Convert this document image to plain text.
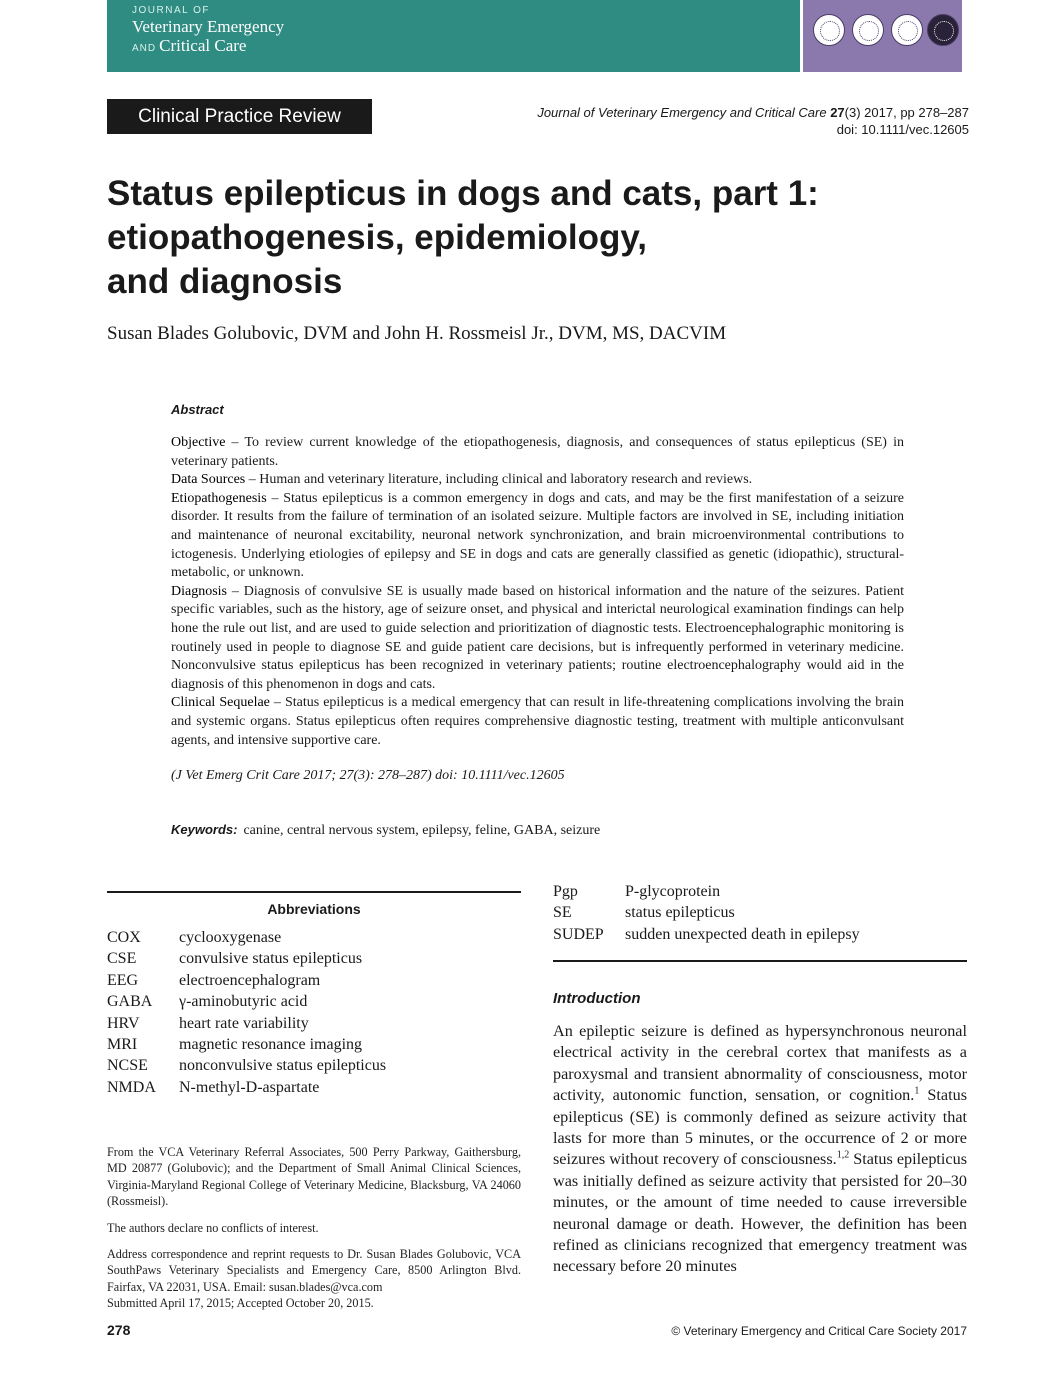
JOURNAL OF
Veterinary Emergency
AND Critical Care
Clinical Practice Review	Journal of Veterinary Emergency and Critical Care 27(3) 2017, pp 278–287
doi: 10.1111/vec.12605
Status epilepticus in dogs and cats, part 1:
etiopathogenesis, epidemiology,
and diagnosis
Susan Blades Golubovic, DVM and John H. Rossmeisl Jr., DVM, MS, DACVIM
Abstract

Objective – To review current knowledge of the etiopathogenesis, diagnosis, and consequences of status epilepticus (SE) in veterinary patients.

Data Sources – Human and veterinary literature, including clinical and laboratory research and reviews.

Etiopathogenesis – Status epilepticus is a common emergency in dogs and cats, and may be the first manifestation of a seizure disorder. It results from the failure of termination of an isolated seizure. Multiple factors are involved in SE, including initiation and maintenance of neuronal excitability, neuronal network synchronization, and brain microenvironmental contributions to ictogenesis. Underlying etiologies of epilepsy and SE in dogs and cats are generally classified as genetic (idiopathic), structural-metabolic, or unknown.

Diagnosis – Diagnosis of convulsive SE is usually made based on historical information and the nature of the seizures. Patient specific variables, such as the history, age of seizure onset, and physical and interictal neurological examination findings can help hone the rule out list, and are used to guide selection and prioritization of diagnostic tests. Electroencephalographic monitoring is routinely used in people to diagnose SE and guide patient care decisions, but is infrequently performed in veterinary medicine. Nonconvulsive status epilepticus has been recognized in veterinary patients; routine electroencephalography would aid in the diagnosis of this phenomenon in dogs and cats.

Clinical Sequelae – Status epilepticus is a medical emergency that can result in life-threatening complications involving the brain and systemic organs. Status epilepticus often requires comprehensive diagnostic testing, treatment with multiple anticonvulsant agents, and intensive supportive care.

(J Vet Emerg Crit Care 2017; 27(3): 278–287) doi: 10.1111/vec.12605
Keywords: canine, central nervous system, epilepsy, feline, GABA, seizure
Abbreviations
COX	cyclooxygenase
CSE	convulsive status epilepticus
EEG	electroencephalogram
GABA	γ-aminobutyric acid
HRV	heart rate variability
MRI	magnetic resonance imaging
NCSE	nonconvulsive status epilepticus
NMDA	N-methyl-D-aspartate
Pgp	P-glycoprotein
SE	status epilepticus
SUDEP	sudden unexpected death in epilepsy

From the VCA Veterinary Referral Associates, 500 Perry Parkway, Gaithersburg, MD 20877 (Golubovic); and the Department of Small Animal Clinical Sciences, Virginia-Maryland Regional College of Veterinary Medicine, Blacksburg, VA 24060 (Rossmeisl).

The authors declare no conflicts of interest.

Address correspondence and reprint requests to Dr. Susan Blades Golubovic, VCA SouthPaws Veterinary Specialists and Emergency Care, 8500 Arlington Blvd. Fairfax, VA 22031, USA. Email: susan.blades@vca.com

Submitted April 17, 2015; Accepted October 20, 2015.

Introduction

An epileptic seizure is defined as hypersynchronous neuronal electrical activity in the cerebral cortex that manifests as a paroxysmal and transient abnormality of consciousness, motor activity, autonomic function, sensation, or cognition.$^1$ Status epilepticus (SE) is commonly defined as seizure activity that lasts for more than 5 minutes, or the occurrence of 2 or more seizures without recovery of consciousness.$^{1,2}$ Status epilepticus was initially defined as seizure activity that persisted for 20–30 minutes, or the amount of time needed to cause irreversible neuronal damage or death. However, the definition has been refined as clinicians recognized that emergency treatment was necessary before 20 minutes

278	© Veterinary Emergency and Critical Care Society 2017
